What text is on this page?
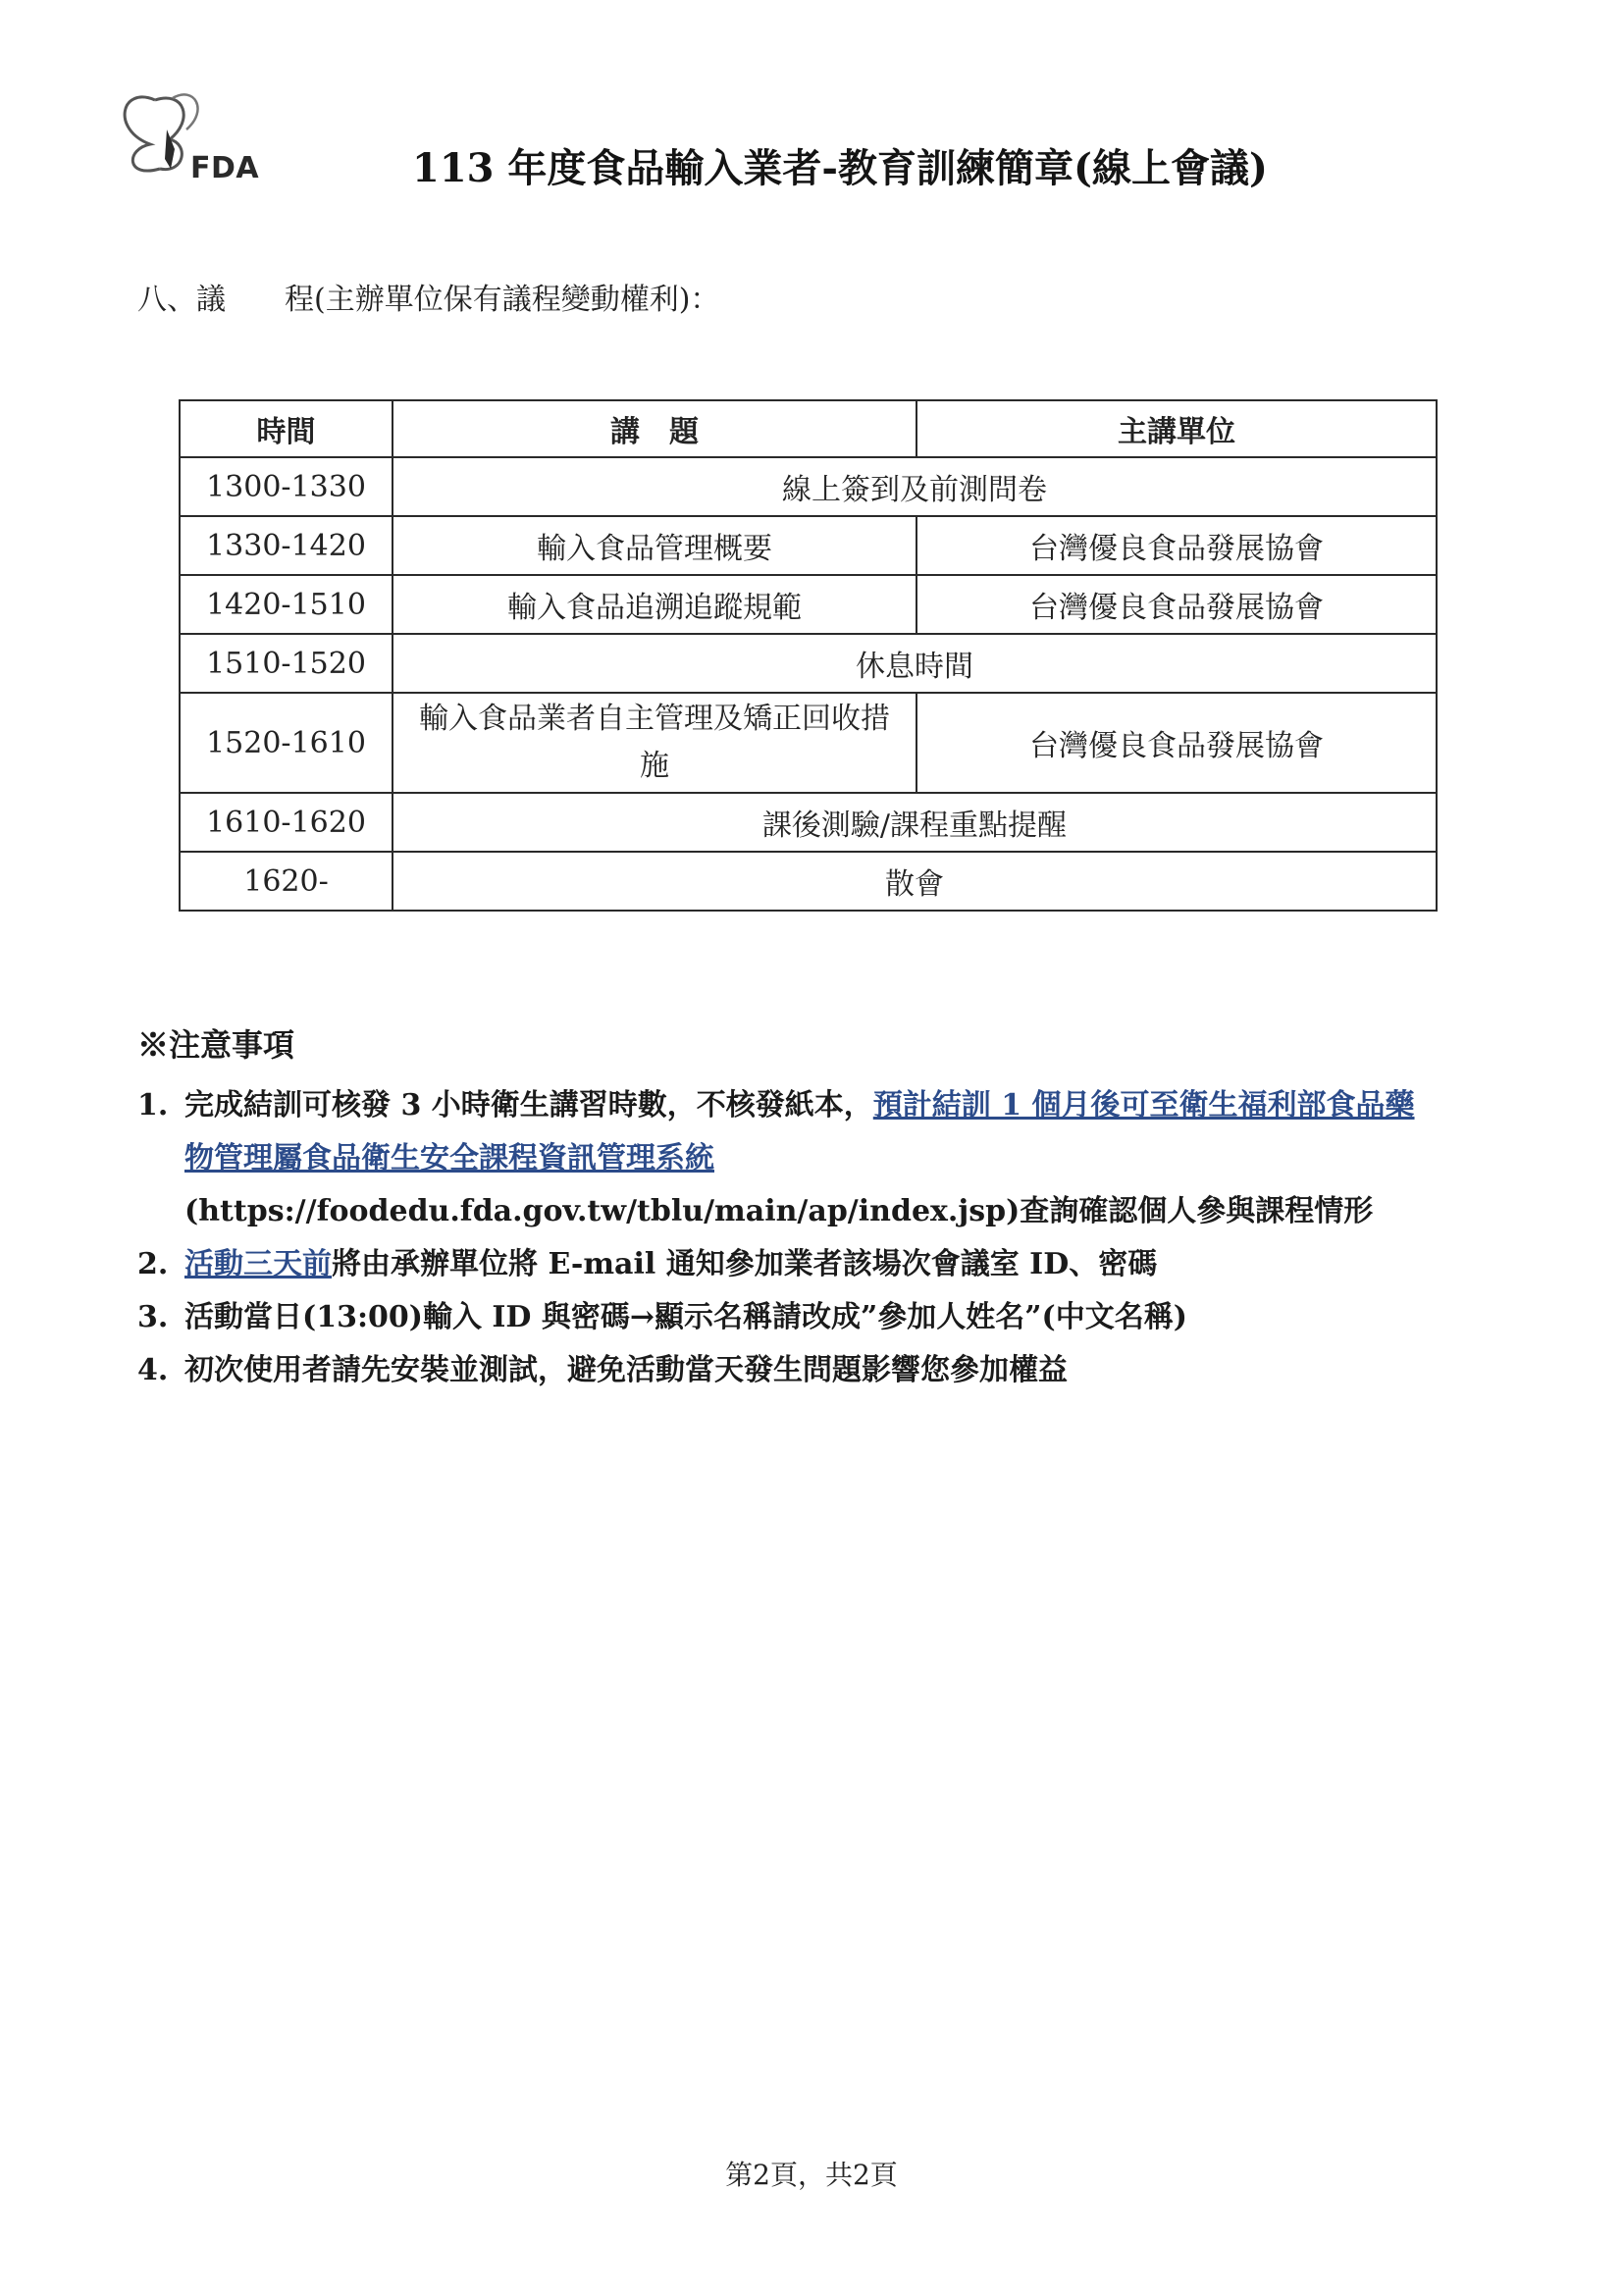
FDA	113 年度食品輸入業者-教育訓練簡章(線上會議)
八、議 程(主辦單位保有議程變動權利)：
時間	講　題	主講單位
1300-1330	線上簽到及前測問卷	
1330-1420	輸入食品管理概要	台灣優良食品發展協會
1420-1510	輸入食品追溯追蹤規範	台灣優良食品發展協會
1510-1520	休息時間	
1520-1610	輸入食品業者自主管理及矯正回收措施	台灣優良食品發展協會
1610-1620	課後測驗/課程重點提醒	
1620-	散會	
※注意事項
1. 完成結訓可核發 3 小時衛生講習時數，不核發紙本，預計結訓 1 個月後可至衛生福利部食品藥物管理屬食品衛生安全課程資訊管理系統
(https://foodedu.fda.gov.tw/tblu/main/ap/index.jsp)查詢確認個人參與課程情形
2. 活動三天前將由承辦單位將 E-mail 通知參加業者該場次會議室 ID、密碼
3. 活動當日(13:00)輸入 ID 與密碼→顯示名稱請改成”參加人姓名”(中文名稱)
4. 初次使用者請先安裝並測試，避免活動當天發生問題影響您參加權益
第2頁，共2頁
